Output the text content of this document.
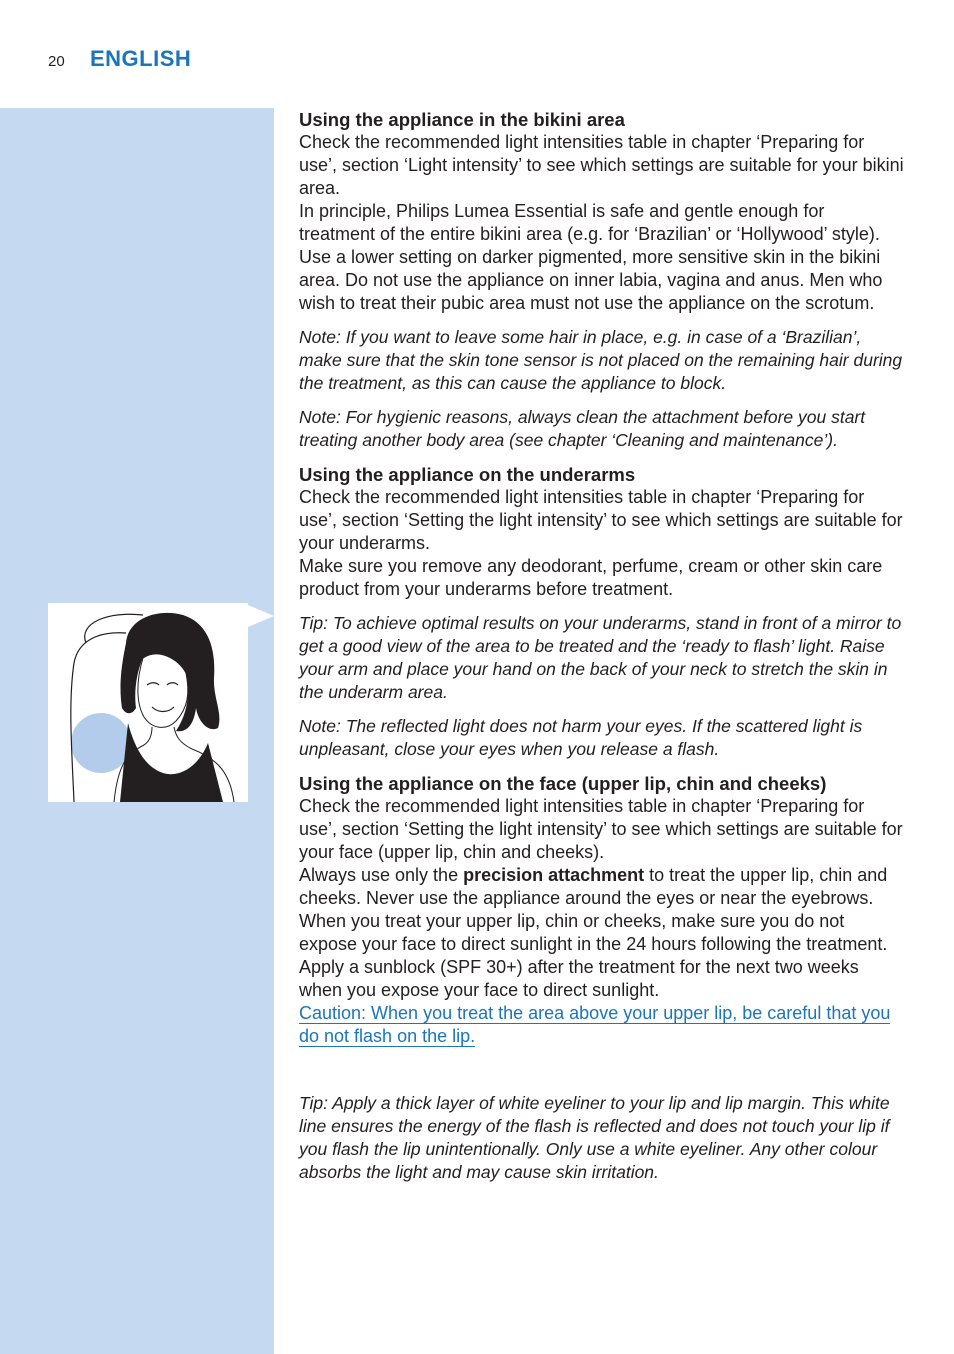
20 ENGLISH

Using the appliance in the bikini area

Check the recommended light intensities table in chapter ‘Preparing for use’, section ‘Light intensity’ to see which settings are suitable for your bikini area.

In principle, Philips Lumea Essential is safe and gentle enough for treatment of the entire bikini area (e.g. for ‘Brazilian’ or ‘Hollywood’ style). Use a lower setting on darker pigmented, more sensitive skin in the bikini area. Do not use the appliance on inner labia, vagina and anus. Men who wish to treat their pubic area must not use the appliance on the scrotum.

Note: If you want to leave some hair in place, e.g. in case of a ‘Brazilian’, make sure that the skin tone sensor is not placed on the remaining hair during the treatment, as this can cause the appliance to block.

Note: For hygienic reasons, always clean the attachment before you start treating another body area (see chapter ‘Cleaning and maintenance’).

Using the appliance on the underarms

Check the recommended light intensities table in chapter ‘Preparing for use’, section ‘Setting the light intensity’ to see which settings are suitable for your underarms.

Make sure you remove any deodorant, perfume, cream or other skin care product from your underarms before treatment.

Tip: To achieve optimal results on your underarms, stand in front of a mirror to get a good view of the area to be treated and the ‘ready to flash’ light. Raise your arm and place your hand on the back of your neck to stretch the skin in the underarm area.

Note: The reflected light does not harm your eyes. If the scattered light is unpleasant, close your eyes when you release a flash.

Using the appliance on the face (upper lip, chin and cheeks)

Check the recommended light intensities table in chapter ‘Preparing for use’, section ‘Setting the light intensity’ to see which settings are suitable for your face (upper lip, chin and cheeks).

Always use only the precision attachment to treat the upper lip, chin and cheeks. Never use the appliance around the eyes or near the eyebrows. When you treat your upper lip, chin or cheeks, make sure you do not expose your face to direct sunlight in the 24 hours following the treatment. Apply a sunblock (SPF 30+) after the treatment for the next two weeks when you expose your face to direct sunlight.

Caution: When you treat the area above your upper lip, be careful that you do not flash on the lip.

Tip: Apply a thick layer of white eyeliner to your lip and lip margin. This white line ensures the energy of the flash is reflected and does not touch your lip if you flash the lip unintentionally. Only use a white eyeliner. Any other colour absorbs the light and may cause skin irritation.
